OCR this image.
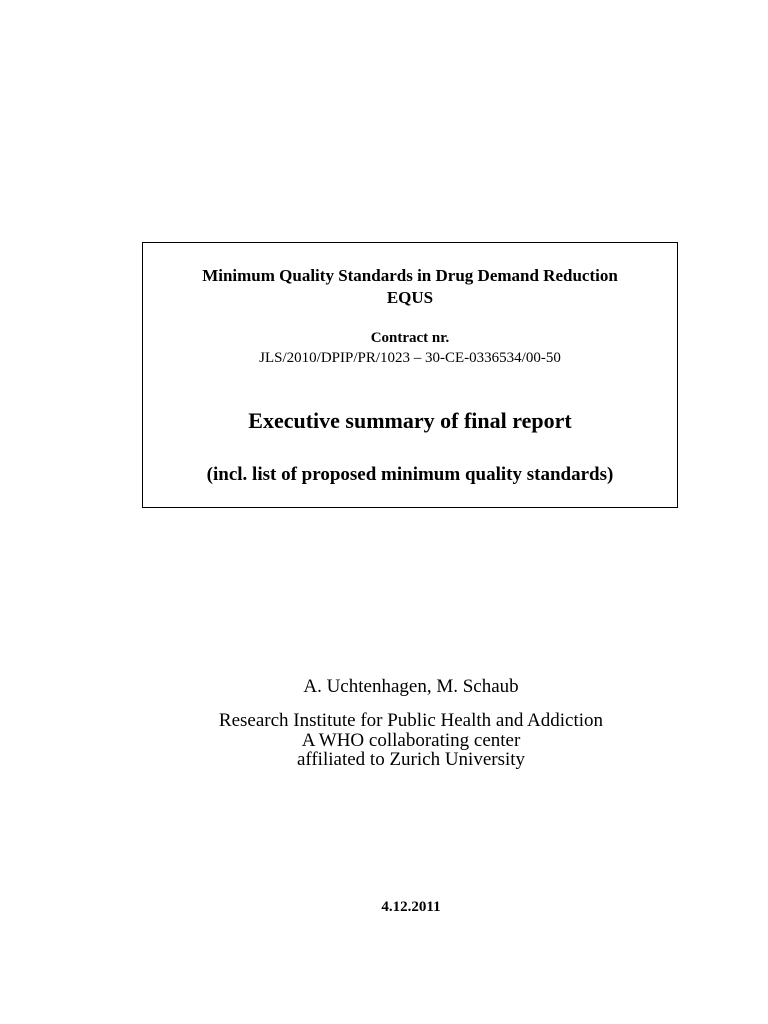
Minimum Quality Standards in Drug Demand Reduction

EQUS

Contract nr.

JLS/2010/DPIP/PR/1023 – 30-CE-0336534/00-50

Executive summary of final report

(incl. list of proposed minimum quality standards)

A. Uchtenhagen, M. Schaub

Research Institute for Public Health and Addiction

A WHO collaborating center

affiliated to Zurich University

4.12.2011
